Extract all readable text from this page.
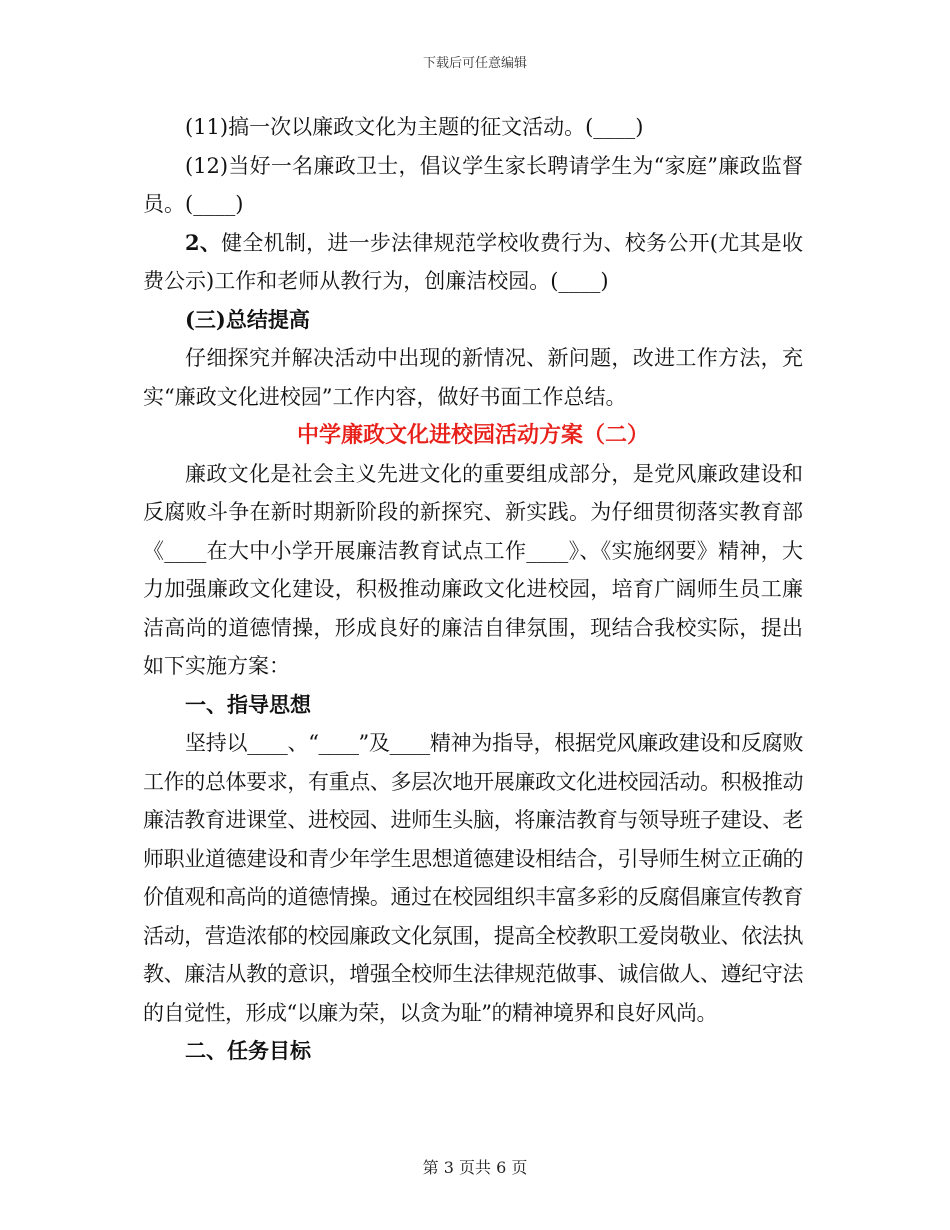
下载后可任意编辑

(11)搞一次以廉政文化为主题的征文活动。(____)

(12)当好一名廉政卫士，倡议学生家长聘请学生为“家庭”廉政监督员。(____)

2、健全机制，进一步法律规范学校收费行为、校务公开(尤其是收费公示)工作和老师从教行为，创廉洁校园。(____)

(三)总结提高

仔细探究并解决活动中出现的新情况、新问题，改进工作方法，充实“廉政文化进校园”工作内容，做好书面工作总结。

中学廉政文化进校园活动方案（二）

廉政文化是社会主义先进文化的重要组成部分，是党风廉政建设和反腐败斗争在新时期新阶段的新探究、新实践。为仔细贯彻落实教育部《____在大中小学开展廉洁教育试点工作____》、《实施纲要》精神，大力加强廉政文化建设，积极推动廉政文化进校园，培育广阔师生员工廉洁高尚的道德情操，形成良好的廉洁自律氛围，现结合我校实际，提出如下实施方案：

一、指导思想

坚持以____、“____”及____精神为指导，根据党风廉政建设和反腐败工作的总体要求，有重点、多层次地开展廉政文化进校园活动。积极推动廉洁教育进课堂、进校园、进师生头脑，将廉洁教育与领导班子建设、老师职业道德建设和青少年学生思想道德建设相结合，引导师生树立正确的价值观和高尚的道德情操。通过在校园组织丰富多彩的反腐倡廉宣传教育活动，营造浓郁的校园廉政文化氛围，提高全校教职工爱岗敬业、依法执教、廉洁从教的意识，增强全校师生法律规范做事、诚信做人、遵纪守法的自觉性，形成“以廉为荣，以贪为耻”的精神境界和良好风尚。

二、任务目标

第 3 页共 6 页
